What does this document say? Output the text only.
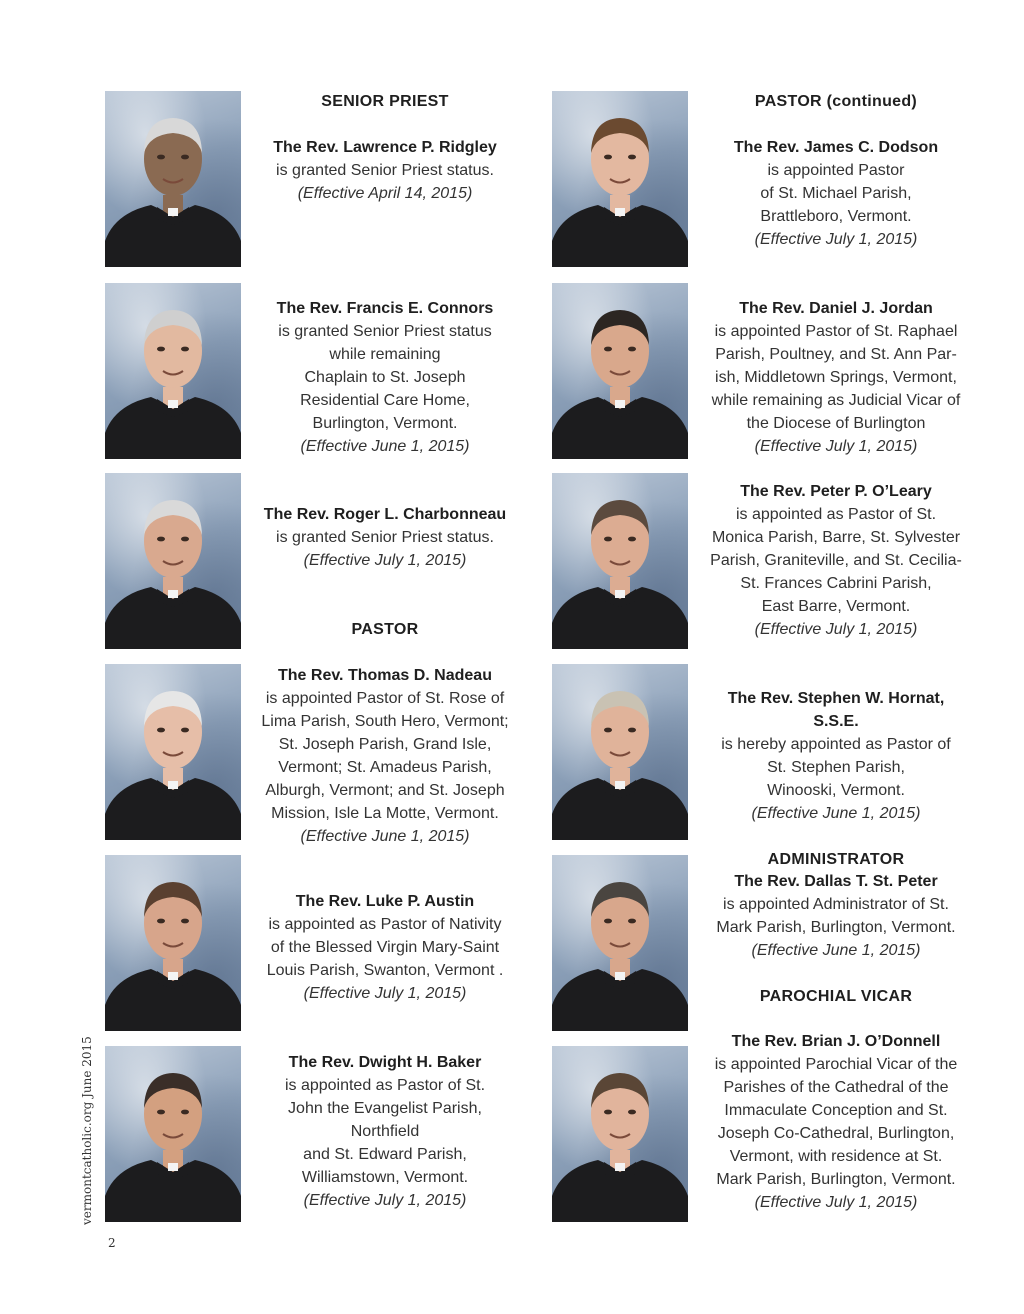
SENIOR PRIEST
The Rev. Lawrence P. Ridgley
is granted Senior Priest status.
(Effective April 14, 2015)
The Rev. Francis E. Connors
is granted Senior Priest status
while remaining
Chaplain to St. Joseph
Residential Care Home,
Burlington, Vermont.
(Effective June 1, 2015)
The Rev. Roger L. Charbonneau
is granted Senior Priest status.
(Effective July 1, 2015)
PASTOR
The Rev. Thomas D. Nadeau
is appointed Pastor of St. Rose of
Lima Parish, South Hero, Vermont;
St. Joseph Parish, Grand Isle,
Vermont; St. Amadeus Parish,
Alburgh, Vermont; and St. Joseph
Mission, Isle La Motte, Vermont.
(Effective June 1, 2015)
The Rev. Luke P. Austin
is appointed as Pastor of Nativity
of the Blessed Virgin Mary-Saint
Louis Parish, Swanton, Vermont .
(Effective July 1, 2015)
The Rev. Dwight H. Baker
is appointed as Pastor of St.
John the Evangelist Parish,
Northfield
and St. Edward Parish,
Williamstown, Vermont.
(Effective July 1, 2015)
PASTOR (continued)
The Rev. James C. Dodson
is appointed Pastor
of St. Michael Parish,
Brattleboro, Vermont.
(Effective July 1, 2015)
The Rev. Daniel J. Jordan
is appointed Pastor of St. Raphael
Parish, Poultney, and St. Ann Par-
ish, Middletown Springs, Vermont,
while remaining as Judicial Vicar of
the Diocese of Burlington
(Effective July 1, 2015)
The Rev. Peter P. O’Leary
is appointed as Pastor of St.
Monica Parish, Barre, St. Sylvester
Parish, Graniteville, and St. Cecilia-
St. Frances Cabrini Parish,
East Barre, Vermont.
(Effective July 1, 2015)
The Rev. Stephen W. Hornat, S.S.E.
is hereby appointed as Pastor of
St. Stephen Parish,
Winooski, Vermont.
(Effective June 1, 2015)
ADMINISTRATOR
The Rev. Dallas T. St. Peter
is appointed Administrator of St.
Mark Parish, Burlington, Vermont.
(Effective June 1, 2015)
PAROCHIAL VICAR
The Rev. Brian J. O’Donnell
is appointed Parochial Vicar of the
Parishes of the Cathedral of the
Immaculate Conception and St.
Joseph Co-Cathedral, Burlington,
Vermont, with residence at St.
Mark Parish, Burlington, Vermont.
(Effective July 1, 2015)
vermontcatholic.org June 2015
2
